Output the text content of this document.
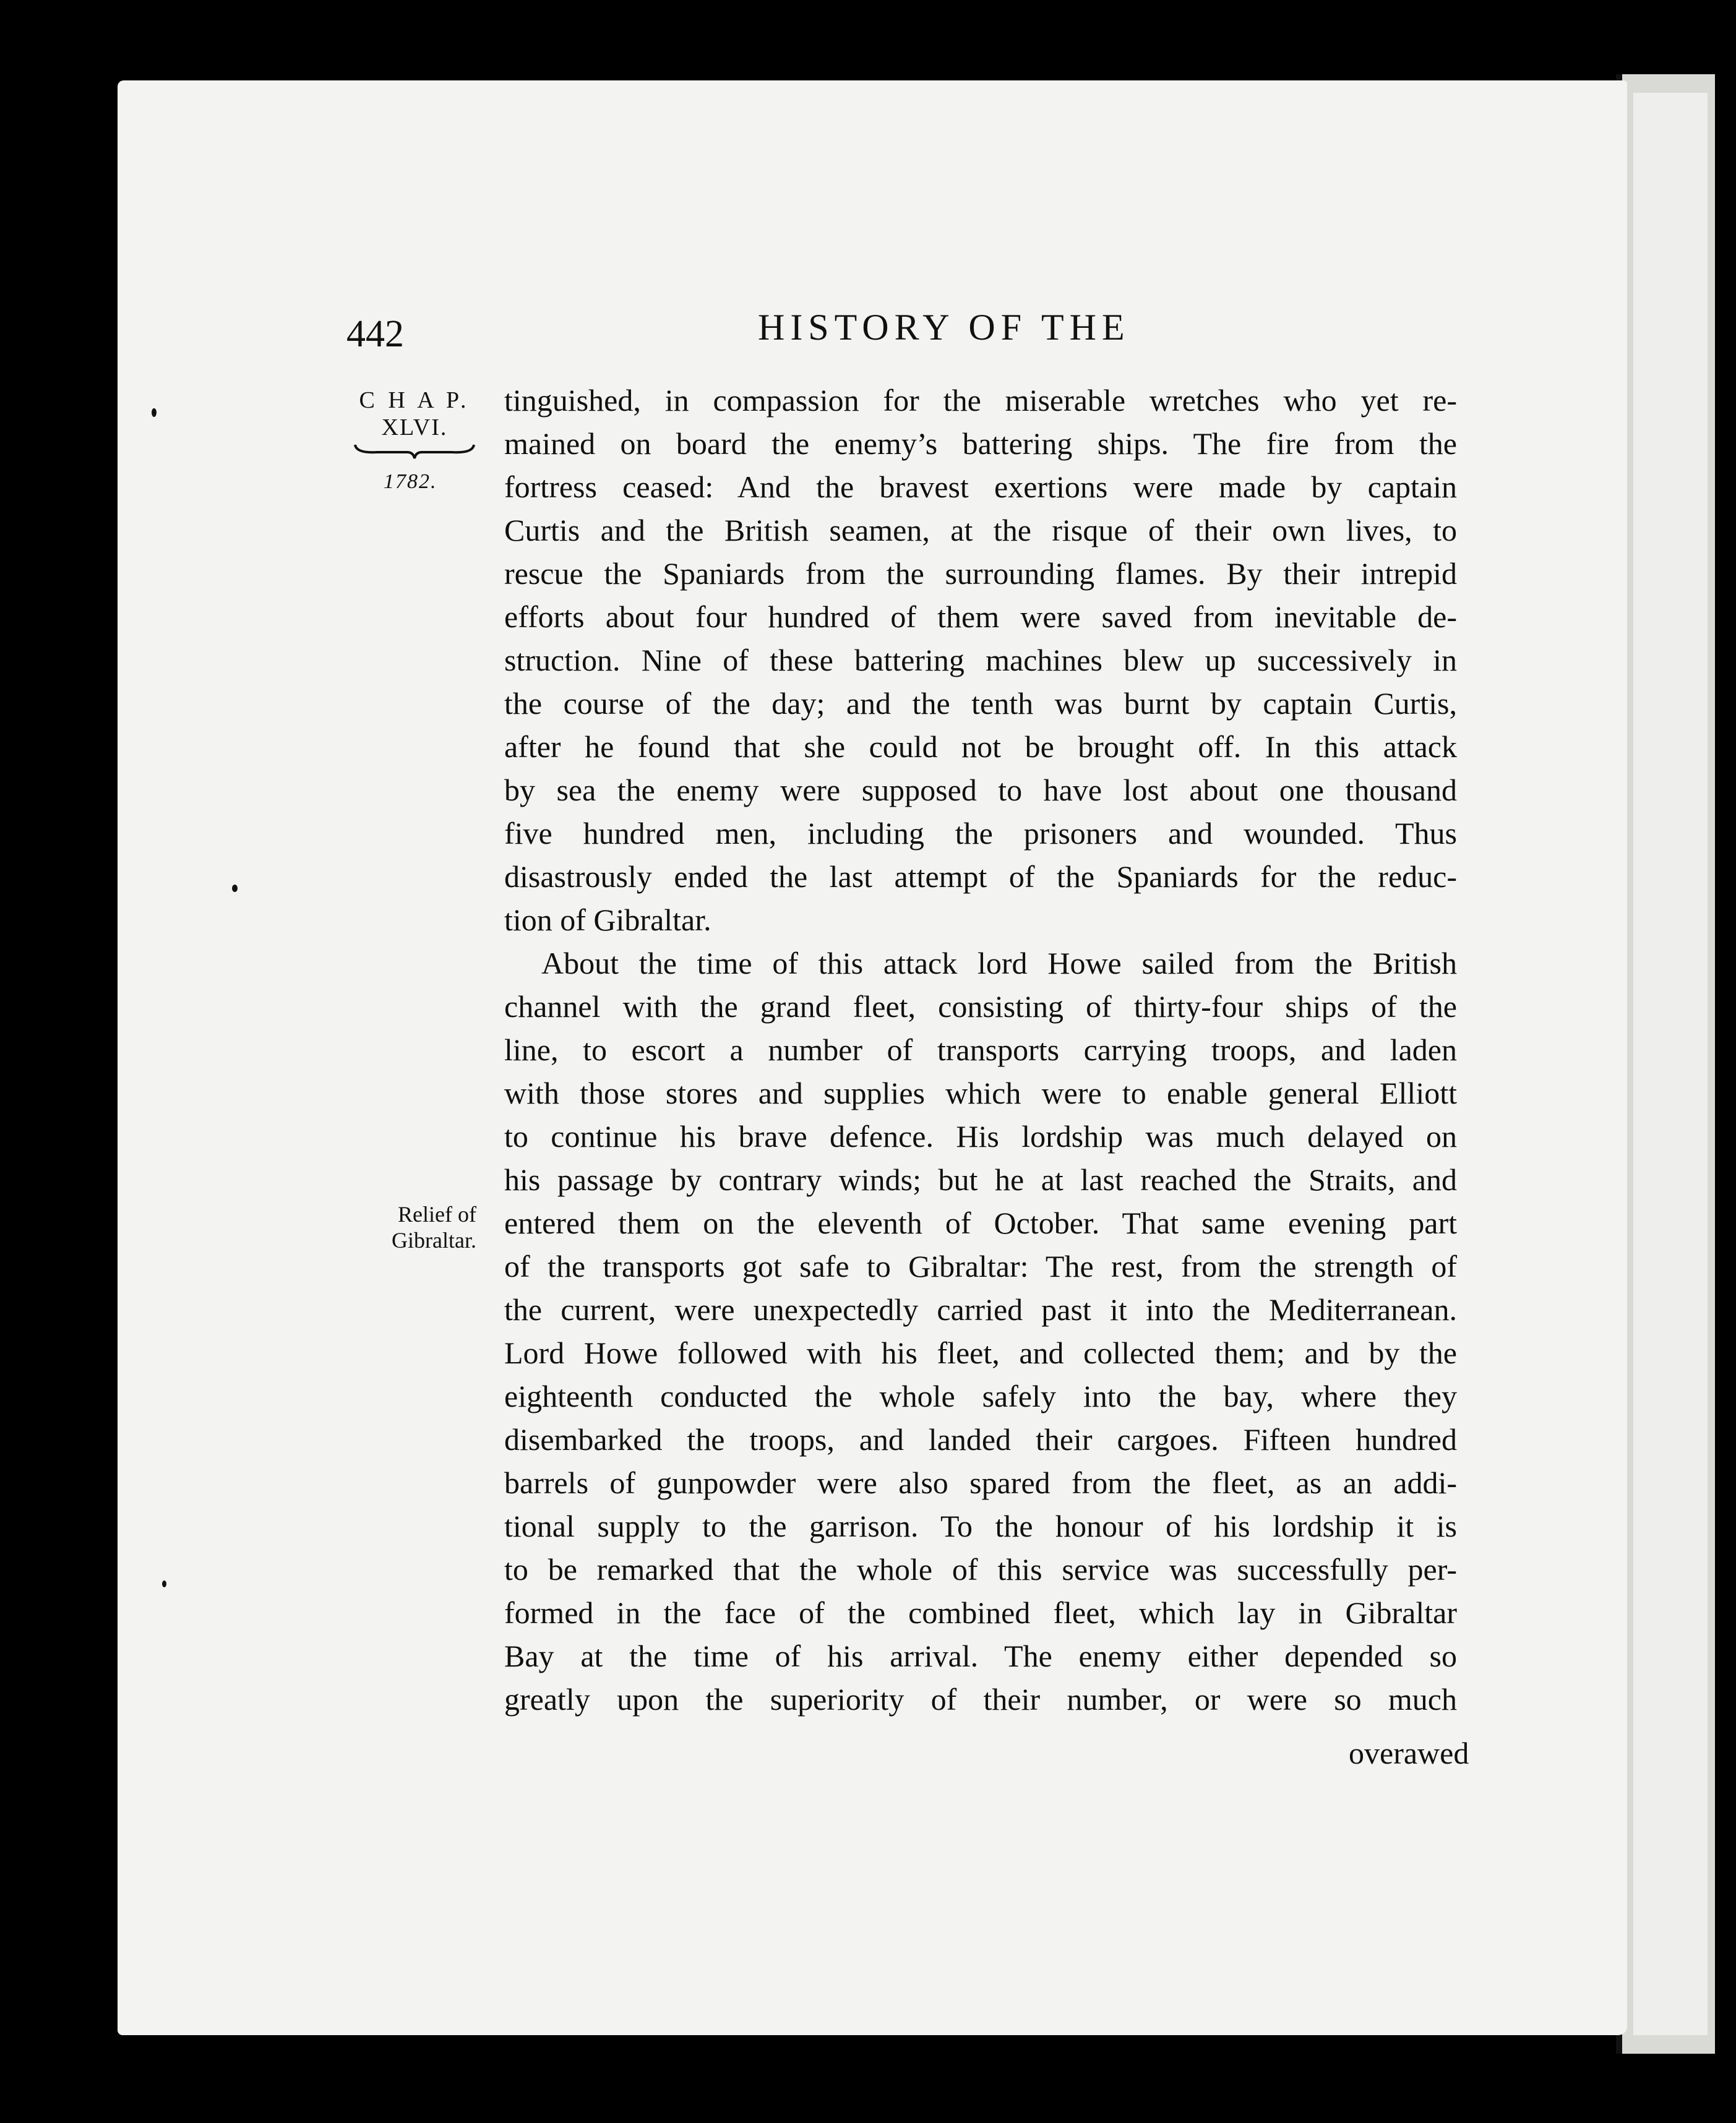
442	HISTORY OF THE
C H A P.
XLVI.
1782.
Relief of
Gibraltar.
tinguished, in compassion for the miserable wretches who yet re-
mained on board the enemy’s battering ships. The fire from the
fortress ceased: And the bravest exertions were made by captain
Curtis and the British seamen, at the risque of their own lives, to
rescue the Spaniards from the surrounding flames. By their intrepid
efforts about four hundred of them were saved from inevitable de-
struction. Nine of these battering machines blew up successively in
the course of the day; and the tenth was burnt by captain Curtis,
after he found that she could not be brought off. In this attack
by sea the enemy were supposed to have lost about one thousand
five hundred men, including the prisoners and wounded. Thus
disastrously ended the last attempt of the Spaniards for the reduc-
tion of Gibraltar.
About the time of this attack lord Howe sailed from the British
channel with the grand fleet, consisting of thirty-four ships of the
line, to escort a number of transports carrying troops, and laden
with those stores and supplies which were to enable general Elliott
to continue his brave defence. His lordship was much delayed on
his passage by contrary winds; but he at last reached the Straits, and
entered them on the eleventh of October. That same evening part
of the transports got safe to Gibraltar: The rest, from the strength of
the current, were unexpectedly carried past it into the Mediterranean.
Lord Howe followed with his fleet, and collected them; and by the
eighteenth conducted the whole safely into the bay, where they
disembarked the troops, and landed their cargoes. Fifteen hundred
barrels of gunpowder were also spared from the fleet, as an addi-
tional supply to the garrison. To the honour of his lordship it is
to be remarked that the whole of this service was successfully per-
formed in the face of the combined fleet, which lay in Gibraltar
Bay at the time of his arrival. The enemy either depended so
greatly upon the superiority of their number, or were so much
overawed
